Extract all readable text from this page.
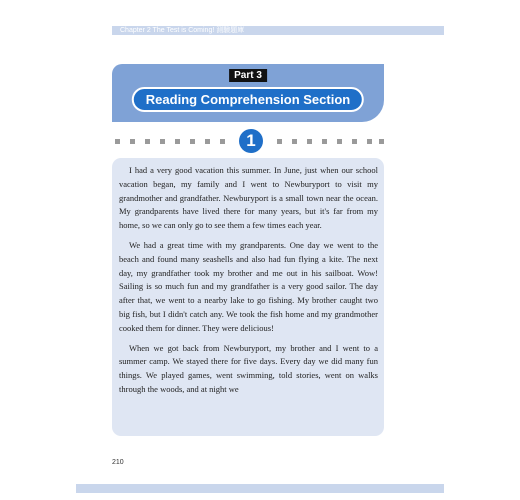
Chapter 2 The Test is Coming! 測驗題庫
Part 3
Reading Comprehension Section
1

I had a very good vacation this summer. In June, just when our school vacation began, my family and I went to Newburyport to visit my grandmother and grandfather. Newburyport is a small town near the ocean. My grandparents have lived there for many years, but it's far from my home, so we can only go to see them a few times each year.

We had a great time with my grandparents. One day we went to the beach and found many seashells and also had fun flying a kite. The next day, my grandfather took my brother and me out in his sailboat. Wow! Sailing is so much fun and my grandfather is a very good sailor. The day after that, we went to a nearby lake to go fishing. My brother caught two big fish, but I didn't catch any. We took the fish home and my grandmother cooked them for dinner. They were delicious!

When we got back from Newburyport, my brother and I went to a summer camp. We stayed there for five days. Every day we did many fun things. We played games, went swimming, told stories, went on walks through the woods, and at night we

210
